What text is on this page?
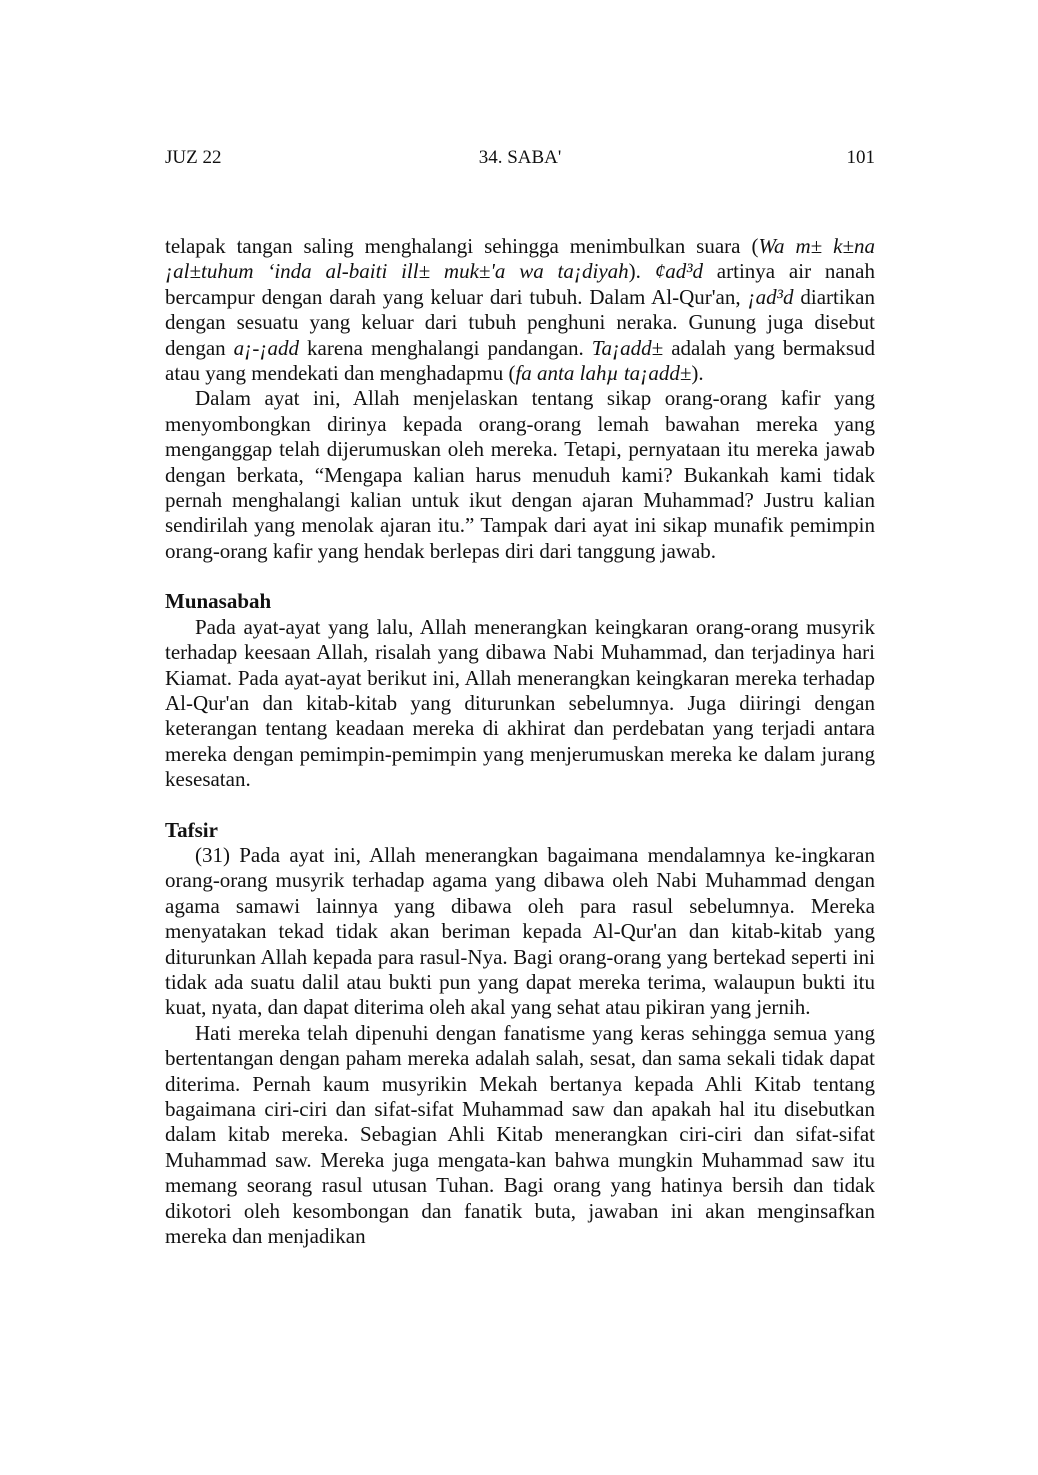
JUZ 22	34. SABA'	101

telapak tangan saling menghalangi sehingga menimbulkan suara (Wa m± k±na ¡al±tuhum ‘inda al-baiti ill± muk±'a wa ta¡diyah). ¢ad³d artinya air nanah bercampur dengan darah yang keluar dari tubuh. Dalam Al-Qur'an, ¡ad³d diartikan dengan sesuatu yang keluar dari tubuh penghuni neraka. Gunung juga disebut dengan a¡-¡add karena menghalangi pandangan. Ta¡add± adalah yang bermaksud atau yang mendekati dan menghadapmu (fa anta lahµ ta¡add±).

Dalam ayat ini, Allah menjelaskan tentang sikap orang-orang kafir yang menyombongkan dirinya kepada orang-orang lemah bawahan mereka yang menganggap telah dijerumuskan oleh mereka. Tetapi, pernyataan itu mereka jawab dengan berkata, “Mengapa kalian harus menuduh kami? Bukankah kami tidak pernah menghalangi kalian untuk ikut dengan ajaran Muhammad? Justru kalian sendirilah yang menolak ajaran itu.” Tampak dari ayat ini sikap munafik pemimpin orang-orang kafir yang hendak berlepas diri dari tanggung jawab.

Munasabah

Pada ayat-ayat yang lalu, Allah menerangkan keingkaran orang-orang musyrik terhadap keesaan Allah, risalah yang dibawa Nabi Muhammad, dan terjadinya hari Kiamat. Pada ayat-ayat berikut ini, Allah menerangkan keingkaran mereka terhadap Al-Qur'an dan kitab-kitab yang diturunkan sebelumnya. Juga diiringi dengan keterangan tentang keadaan mereka di akhirat dan perdebatan yang terjadi antara mereka dengan pemimpin-pemimpin yang menjerumuskan mereka ke dalam jurang kesesatan.

Tafsir

(31) Pada ayat ini, Allah menerangkan bagaimana mendalamnya ke-ingkaran orang-orang musyrik terhadap agama yang dibawa oleh Nabi Muhammad dengan agama samawi lainnya yang dibawa oleh para rasul sebelumnya. Mereka menyatakan tekad tidak akan beriman kepada Al-Qur'an dan kitab-kitab yang diturunkan Allah kepada para rasul-Nya. Bagi orang-orang yang bertekad seperti ini tidak ada suatu dalil atau bukti pun yang dapat mereka terima, walaupun bukti itu kuat, nyata, dan dapat diterima oleh akal yang sehat atau pikiran yang jernih.

Hati mereka telah dipenuhi dengan fanatisme yang keras sehingga semua yang bertentangan dengan paham mereka adalah salah, sesat, dan sama sekali tidak dapat diterima. Pernah kaum musyrikin Mekah bertanya kepada Ahli Kitab tentang bagaimana ciri-ciri dan sifat-sifat Muhammad saw dan apakah hal itu disebutkan dalam kitab mereka. Sebagian Ahli Kitab menerangkan ciri-ciri dan sifat-sifat Muhammad saw. Mereka juga mengata-kan bahwa mungkin Muhammad saw itu memang seorang rasul utusan Tuhan. Bagi orang yang hatinya bersih dan tidak dikotori oleh kesombongan dan fanatik buta, jawaban ini akan menginsafkan mereka dan menjadikan
